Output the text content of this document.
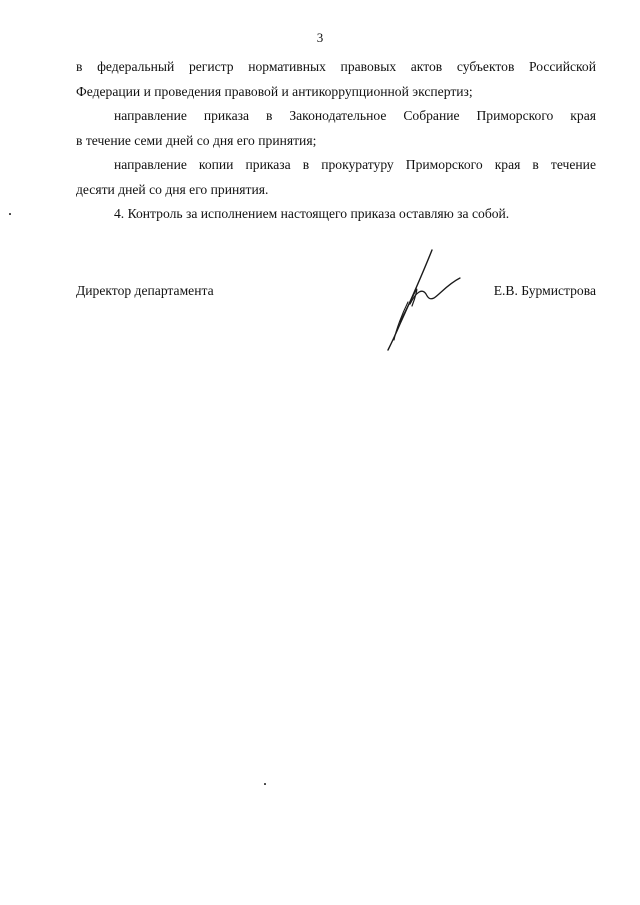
3
в федеральный регистр нормативных правовых актов субъектов Российской
Федерации и проведения правовой и антикоррупционной экспертиз;
направление приказа в Законодательное Собрание Приморского края
в течение семи дней со дня его принятия;
направление копии приказа в прокуратуру Приморского края в течение
десяти дней со дня его принятия.
4. Контроль за исполнением настоящего приказа оставляю за собой.
Директор департамента	Е.В. Бурмистрова
